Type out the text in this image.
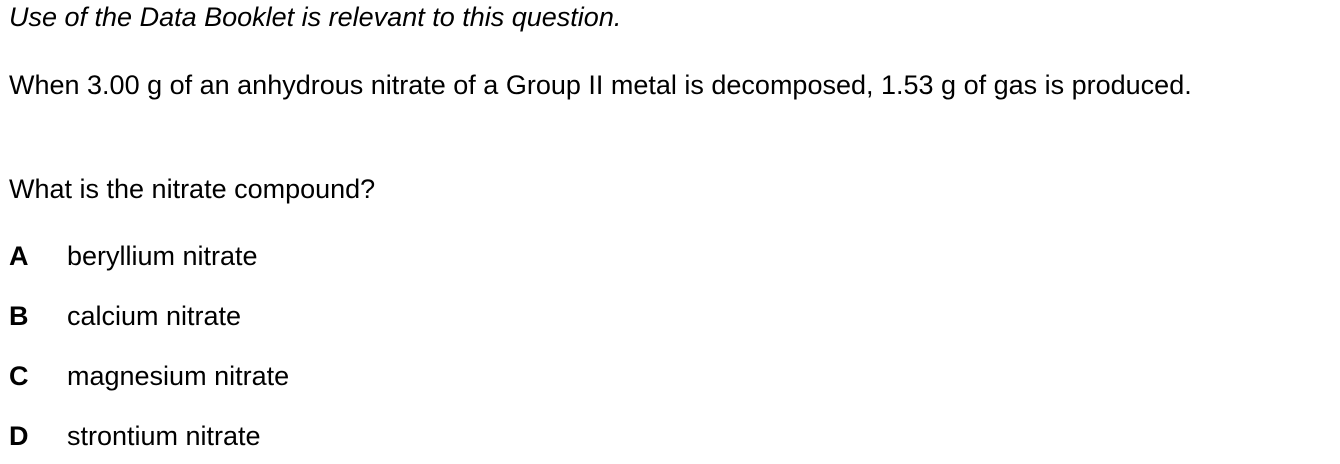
Use of the Data Booklet is relevant to this question.

When 3.00 g of an anhydrous nitrate of a Group II metal is decomposed, 1.53 g of gas is produced.

What is the nitrate compound?

A beryllium nitrate
B calcium nitrate
C magnesium nitrate
D strontium nitrate
